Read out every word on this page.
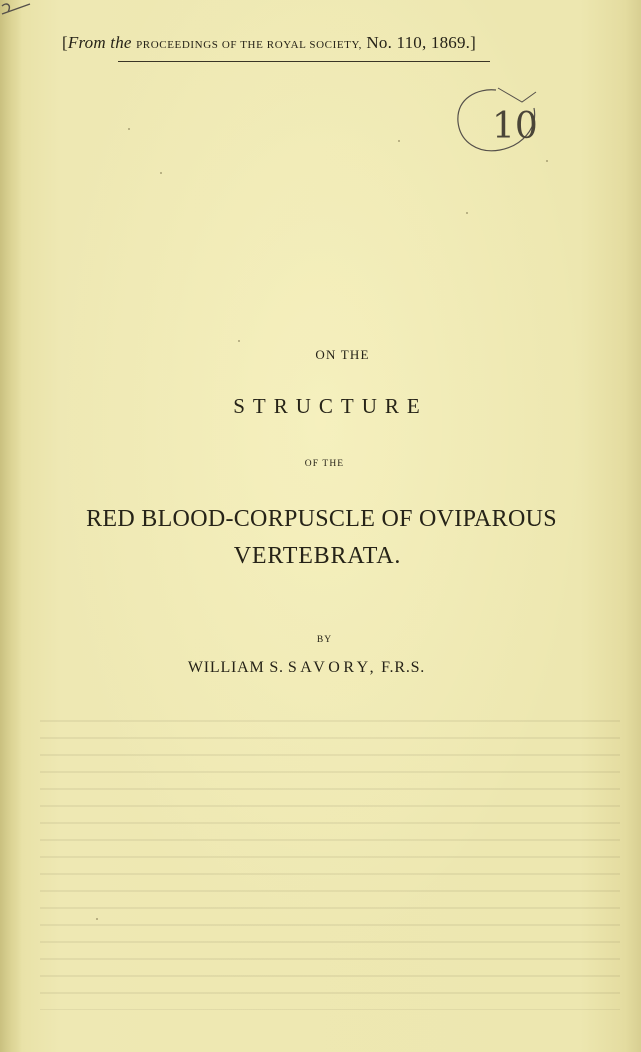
[From the PROCEEDINGS OF THE ROYAL SOCIETY, No. 110, 1869.]
10
ON THE
STRUCTURE
OF THE
RED BLOOD-CORPUSCLE OF OVIPAROUS
VERTEBRATA.
BY
WILLIAM S. SAVORY, F.R.S.
